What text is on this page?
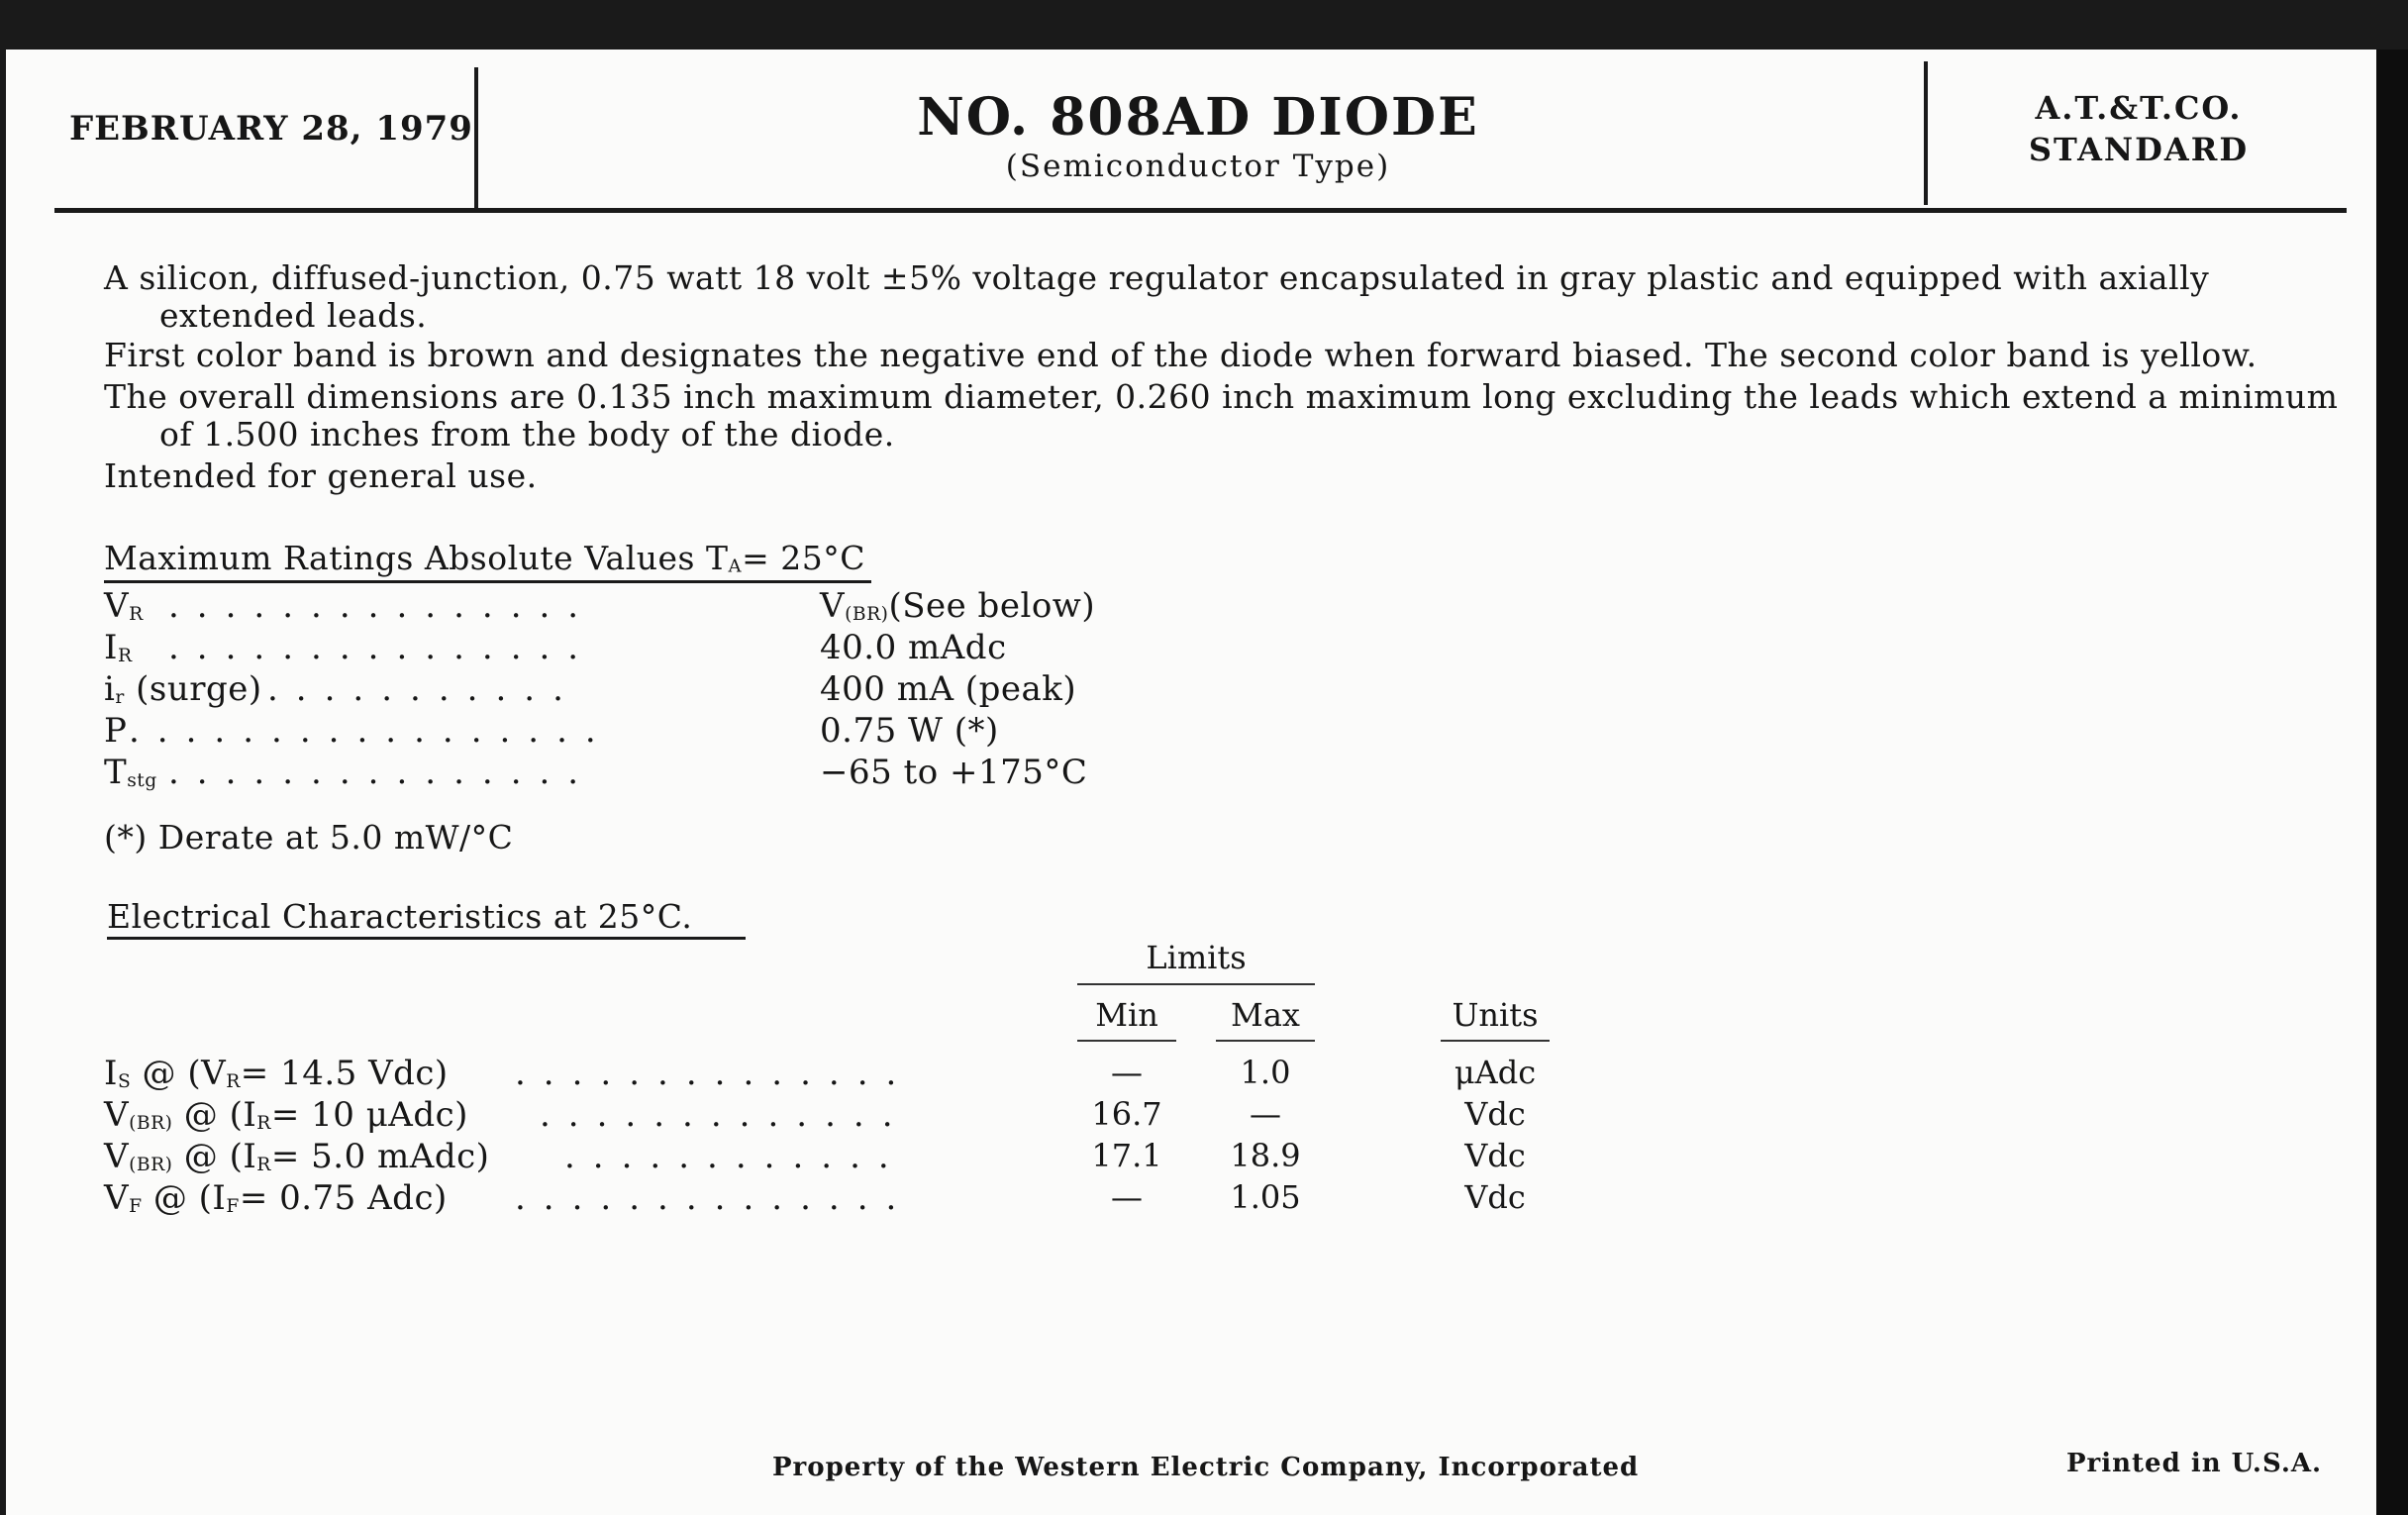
FEBRUARY 28, 1979	NO. 808AD DIODE
(Semiconductor Type)
A.T.&T.CO.
STANDARD
A silicon, diffused-junction, 0.75 watt 18 volt ±5% voltage regulator encapsulated in gray plastic and equipped with axially extended leads.
First color band is brown and designates the negative end of the diode when forward biased. The second color band is yellow.
The overall dimensions are 0.135 inch maximum diameter, 0.260 inch maximum long excluding the leads which extend a minimum of 1.500 inches from the body of the diode.
Intended for general use.
Maximum Ratings Absolute Values $T_A= 25^\circ C$
$V_R$ ...............	$V_{(BR)}(See$ below)
$I_R$ ...............	40.0 mAdc
$i_r$ (surge) ...........	400 mA (peak)
P .................	0.75 W (*)
$T_{stg}$ ...............	−65 to +175°C
(*) Derate at 5.0 mW/°C
Electrical Characteristics at 25°C.
Limits
Min	Max	Units
$I_S$ @ ($V_R= 14.5$ Vdc) ..............	—	1.0	μAdc
$V_{(BR)}$ @ ($I_R= 10$ μAdc) .............	16.7	—	Vdc
$V_{(BR)}$ @ ($I_R= 5.0$ mAdc) ............	17.1	18.9	Vdc
$V_F$ @ ($I_F= 0.75$ Adc) ..............	—	1.05	Vdc
Property of the Western Electric Company, Incorporated	Printed in U.S.A.
